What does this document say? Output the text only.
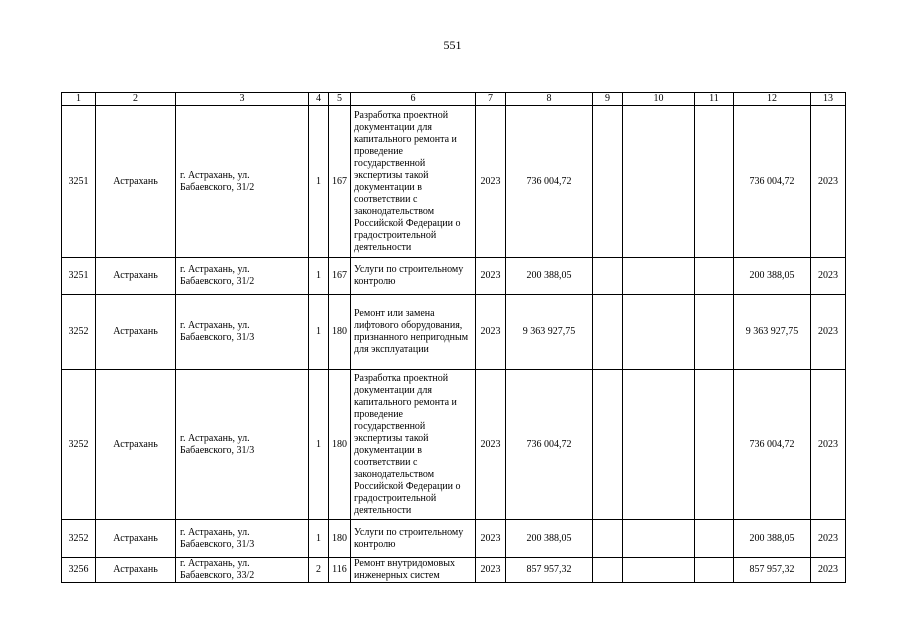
551
1	2	3	4	5	6	7	8	9	10	11	12	13
3251	Астрахань	г. Астрахань, ул. Бабаевского, 31/2	1	167	Разработка проектной документации для капитального ремонта и проведение государственной экспертизы такой документации в соответствии с законодательством Российской Федерации о градостроительной деятельности	2023	736 004,72				736 004,72	2023
3251	Астрахань	г. Астрахань, ул. Бабаевского, 31/2	1	167	Услуги по строительному контролю	2023	200 388,05				200 388,05	2023
3252	Астрахань	г. Астрахань, ул. Бабаевского, 31/3	1	180	Ремонт или замена лифтового оборудования, признанного непригодным для эксплуатации	2023	9 363 927,75				9 363 927,75	2023
3252	Астрахань	г. Астрахань, ул. Бабаевского, 31/3	1	180	Разработка проектной документации для капитального ремонта и проведение государственной экспертизы такой документации в соответствии с законодательством Российской Федерации о градостроительной деятельности	2023	736 004,72				736 004,72	2023
3252	Астрахань	г. Астрахань, ул. Бабаевского, 31/3	1	180	Услуги по строительному контролю	2023	200 388,05				200 388,05	2023
3256	Астрахань	г. Астрахань, ул. Бабаевского, 33/2	2	116	Ремонт внутридомовых инженерных систем	2023	857 957,32				857 957,32	2023
